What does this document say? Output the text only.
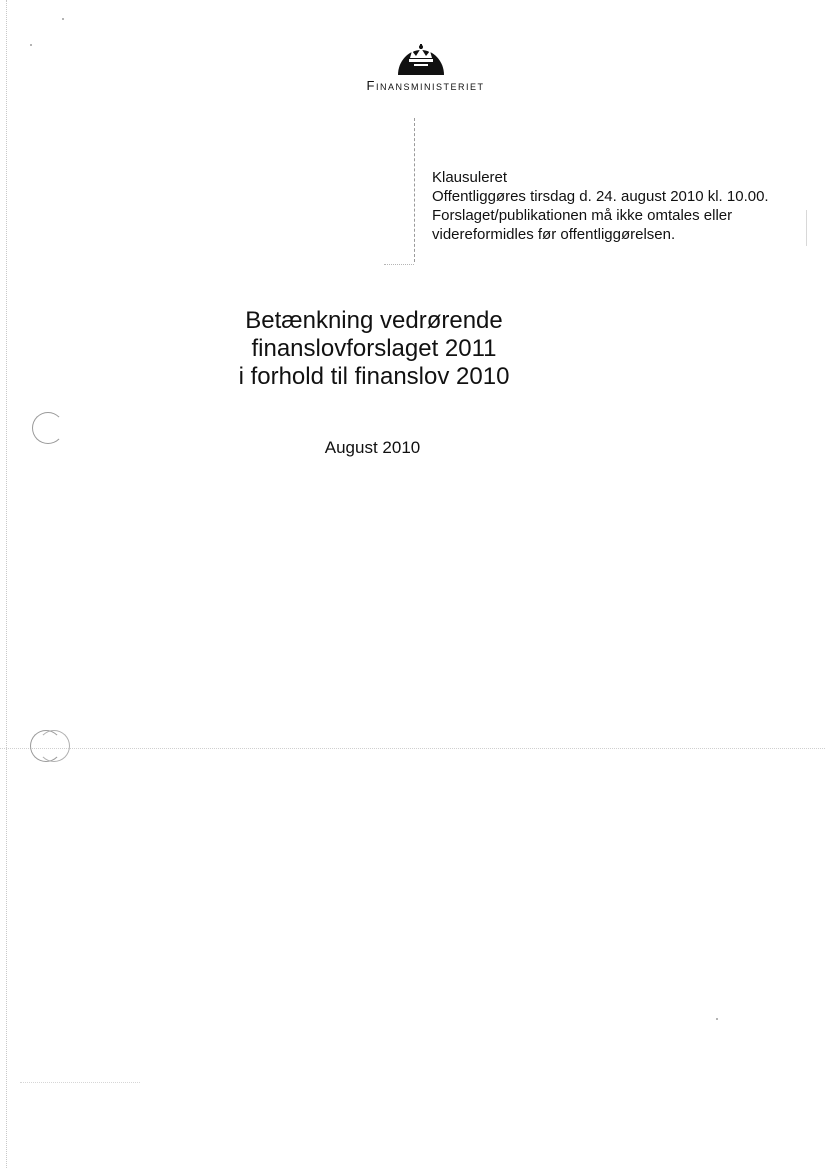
Finansministeriet
Klausuleret
Offentliggøres tirsdag d. 24. august 2010 kl. 10.00.
Forslaget/publikationen må ikke omtales eller
videreformidles før offentliggørelsen.
Betænkning vedrørende
finanslovforslaget 2011
i forhold til finanslov 2010
August 2010
